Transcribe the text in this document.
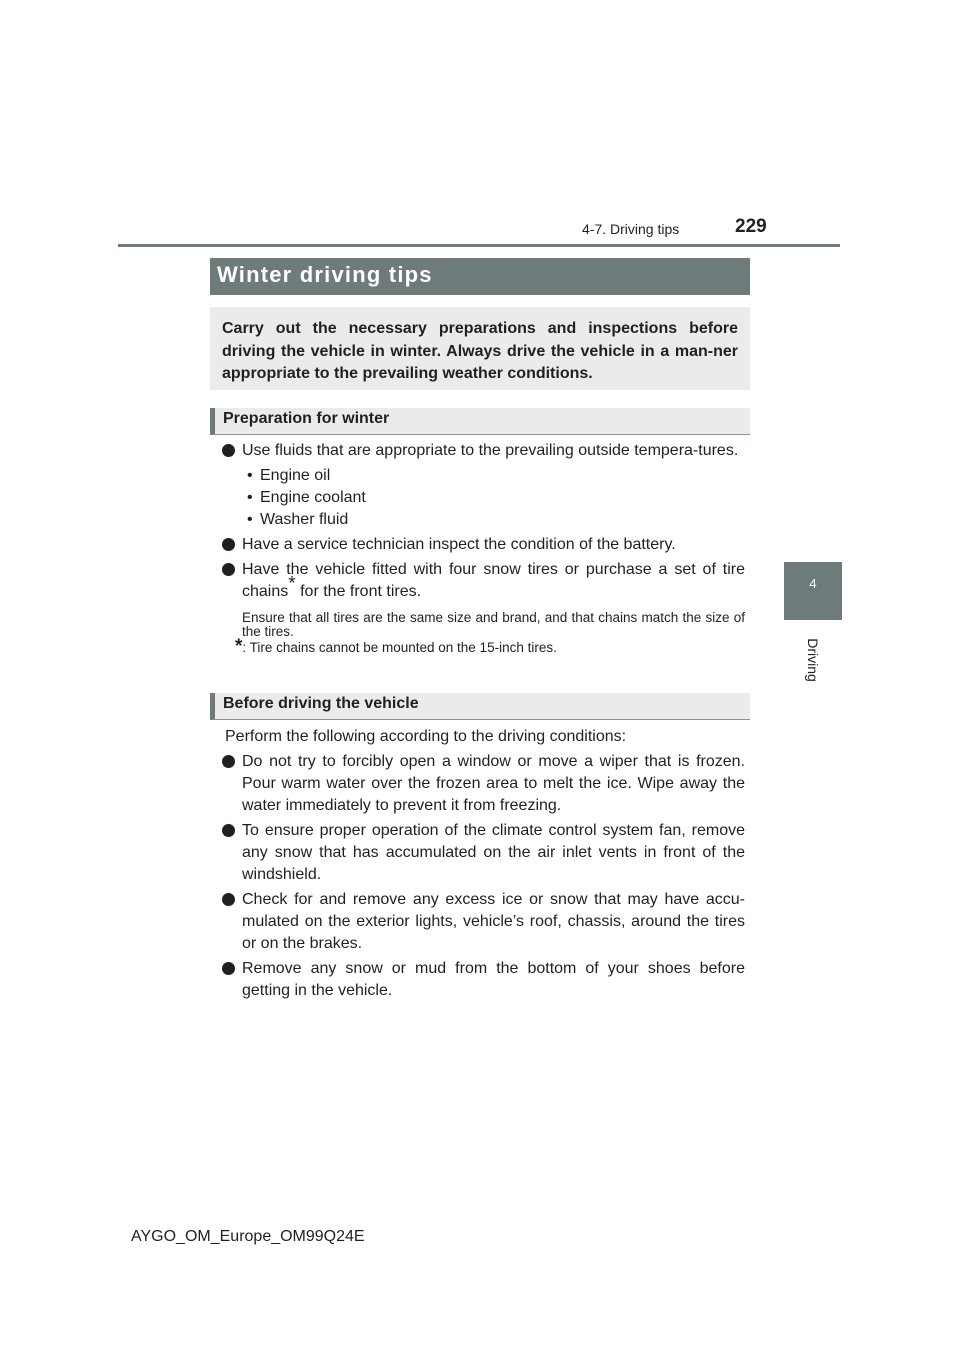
4-7. Driving tips	229
4
Driving
Winter driving tips
Carry out the necessary preparations and inspections before driving the vehicle in winter. Always drive the vehicle in a man-ner appropriate to the prevailing weather conditions.
Preparation for winter
Use fluids that are appropriate to the prevailing outside tempera-tures.
• Engine oil
• Engine coolant
• Washer fluid
Have a service technician inspect the condition of the battery.
Have the vehicle fitted with four snow tires or purchase a set of tire chains* for the front tires.
Ensure that all tires are the same size and brand, and that chains match the size of the tires.
*: Tire chains cannot be mounted on the 15-inch tires.
Before driving the vehicle
Perform the following according to the driving conditions:
Do not try to forcibly open a window or move a wiper that is frozen. Pour warm water over the frozen area to melt the ice. Wipe away the water immediately to prevent it from freezing.
To ensure proper operation of the climate control system fan, remove any snow that has accumulated on the air inlet vents in front of the windshield.
Check for and remove any excess ice or snow that may have accu-mulated on the exterior lights, vehicle’s roof, chassis, around the tires or on the brakes.
Remove any snow or mud from the bottom of your shoes before getting in the vehicle.
AYGO_OM_Europe_OM99Q24E
